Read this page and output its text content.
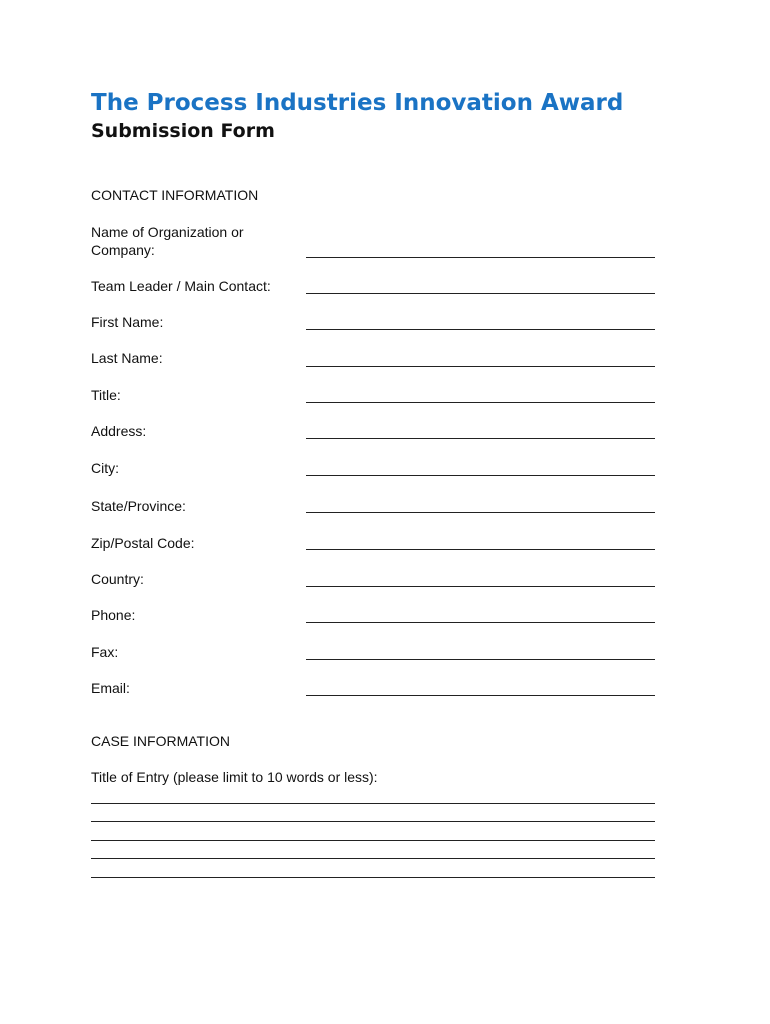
The Process Industries Innovation Award
Submission Form
CONTACT INFORMATION
Name of Organization or Company:
Team Leader / Main Contact:
First Name:
Last Name:
Title:
Address:
City:
State/Province:
Zip/Postal Code:
Country:
Phone:
Fax:
Email:
CASE INFORMATION
Title of Entry (please limit to 10 words or less):
